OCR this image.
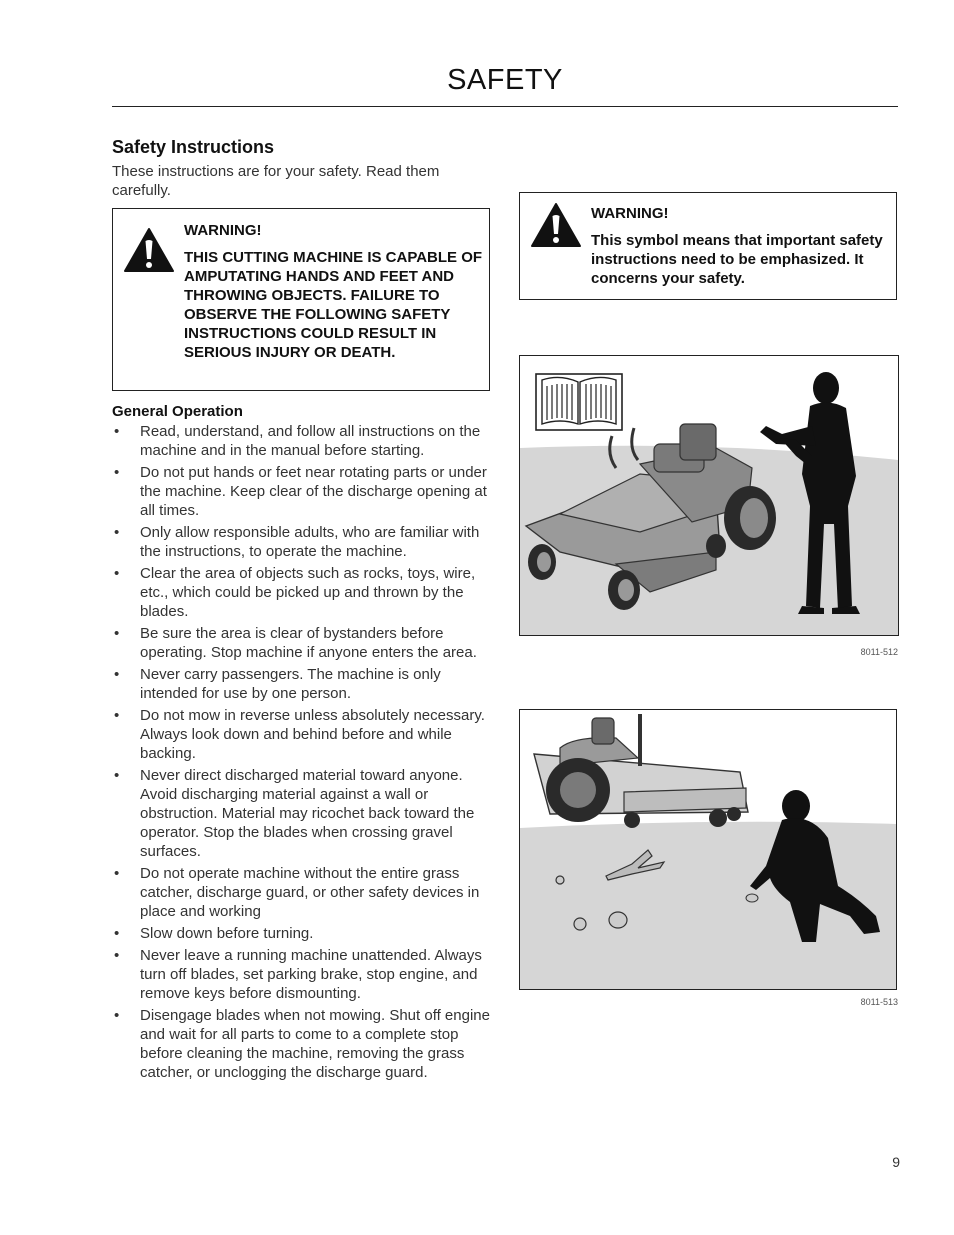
SAFETY
Safety Instructions
These instructions are for your safety. Read them carefully.
WARNING!
THIS CUTTING MACHINE IS CAPABLE OF AMPUTATING HANDS AND FEET AND THROWING OBJECTS. FAILURE TO OBSERVE THE FOLLOWING SAFETY INSTRUCTIONS COULD RESULT IN SERIOUS INJURY OR DEATH.
General Operation
• Read, understand, and follow all instructions on the machine and in the manual before starting.
• Do not put hands or feet near rotating parts or under the machine. Keep clear of the discharge opening at all times.
• Only allow responsible adults, who are familiar with the instructions, to operate the machine.
• Clear the area of objects such as rocks, toys, wire, etc., which could be picked up and thrown by the blades.
• Be sure the area is clear of bystanders before operating. Stop machine if anyone enters the area.
• Never carry passengers. The machine is only intended for use by one person.
• Do not mow in reverse unless absolutely necessary. Always look down and behind before and while backing.
• Never direct discharged material toward anyone. Avoid discharging material against a wall or obstruction. Material may ricochet back toward the operator. Stop the blades when crossing gravel surfaces.
• Do not operate machine without the entire grass catcher, discharge guard, or other safety devices in place and working
• Slow down before turning.
• Never leave a running machine unattended. Always turn off blades, set parking brake, stop engine, and remove keys before dismounting.
• Disengage blades when not mowing. Shut off engine and wait for all parts to come to a complete stop before cleaning the machine, removing the grass catcher, or unclogging the discharge guard.
WARNING!
This symbol means that important safety instructions need to be emphasized. It concerns your safety.
8011-512
8011-513
9
